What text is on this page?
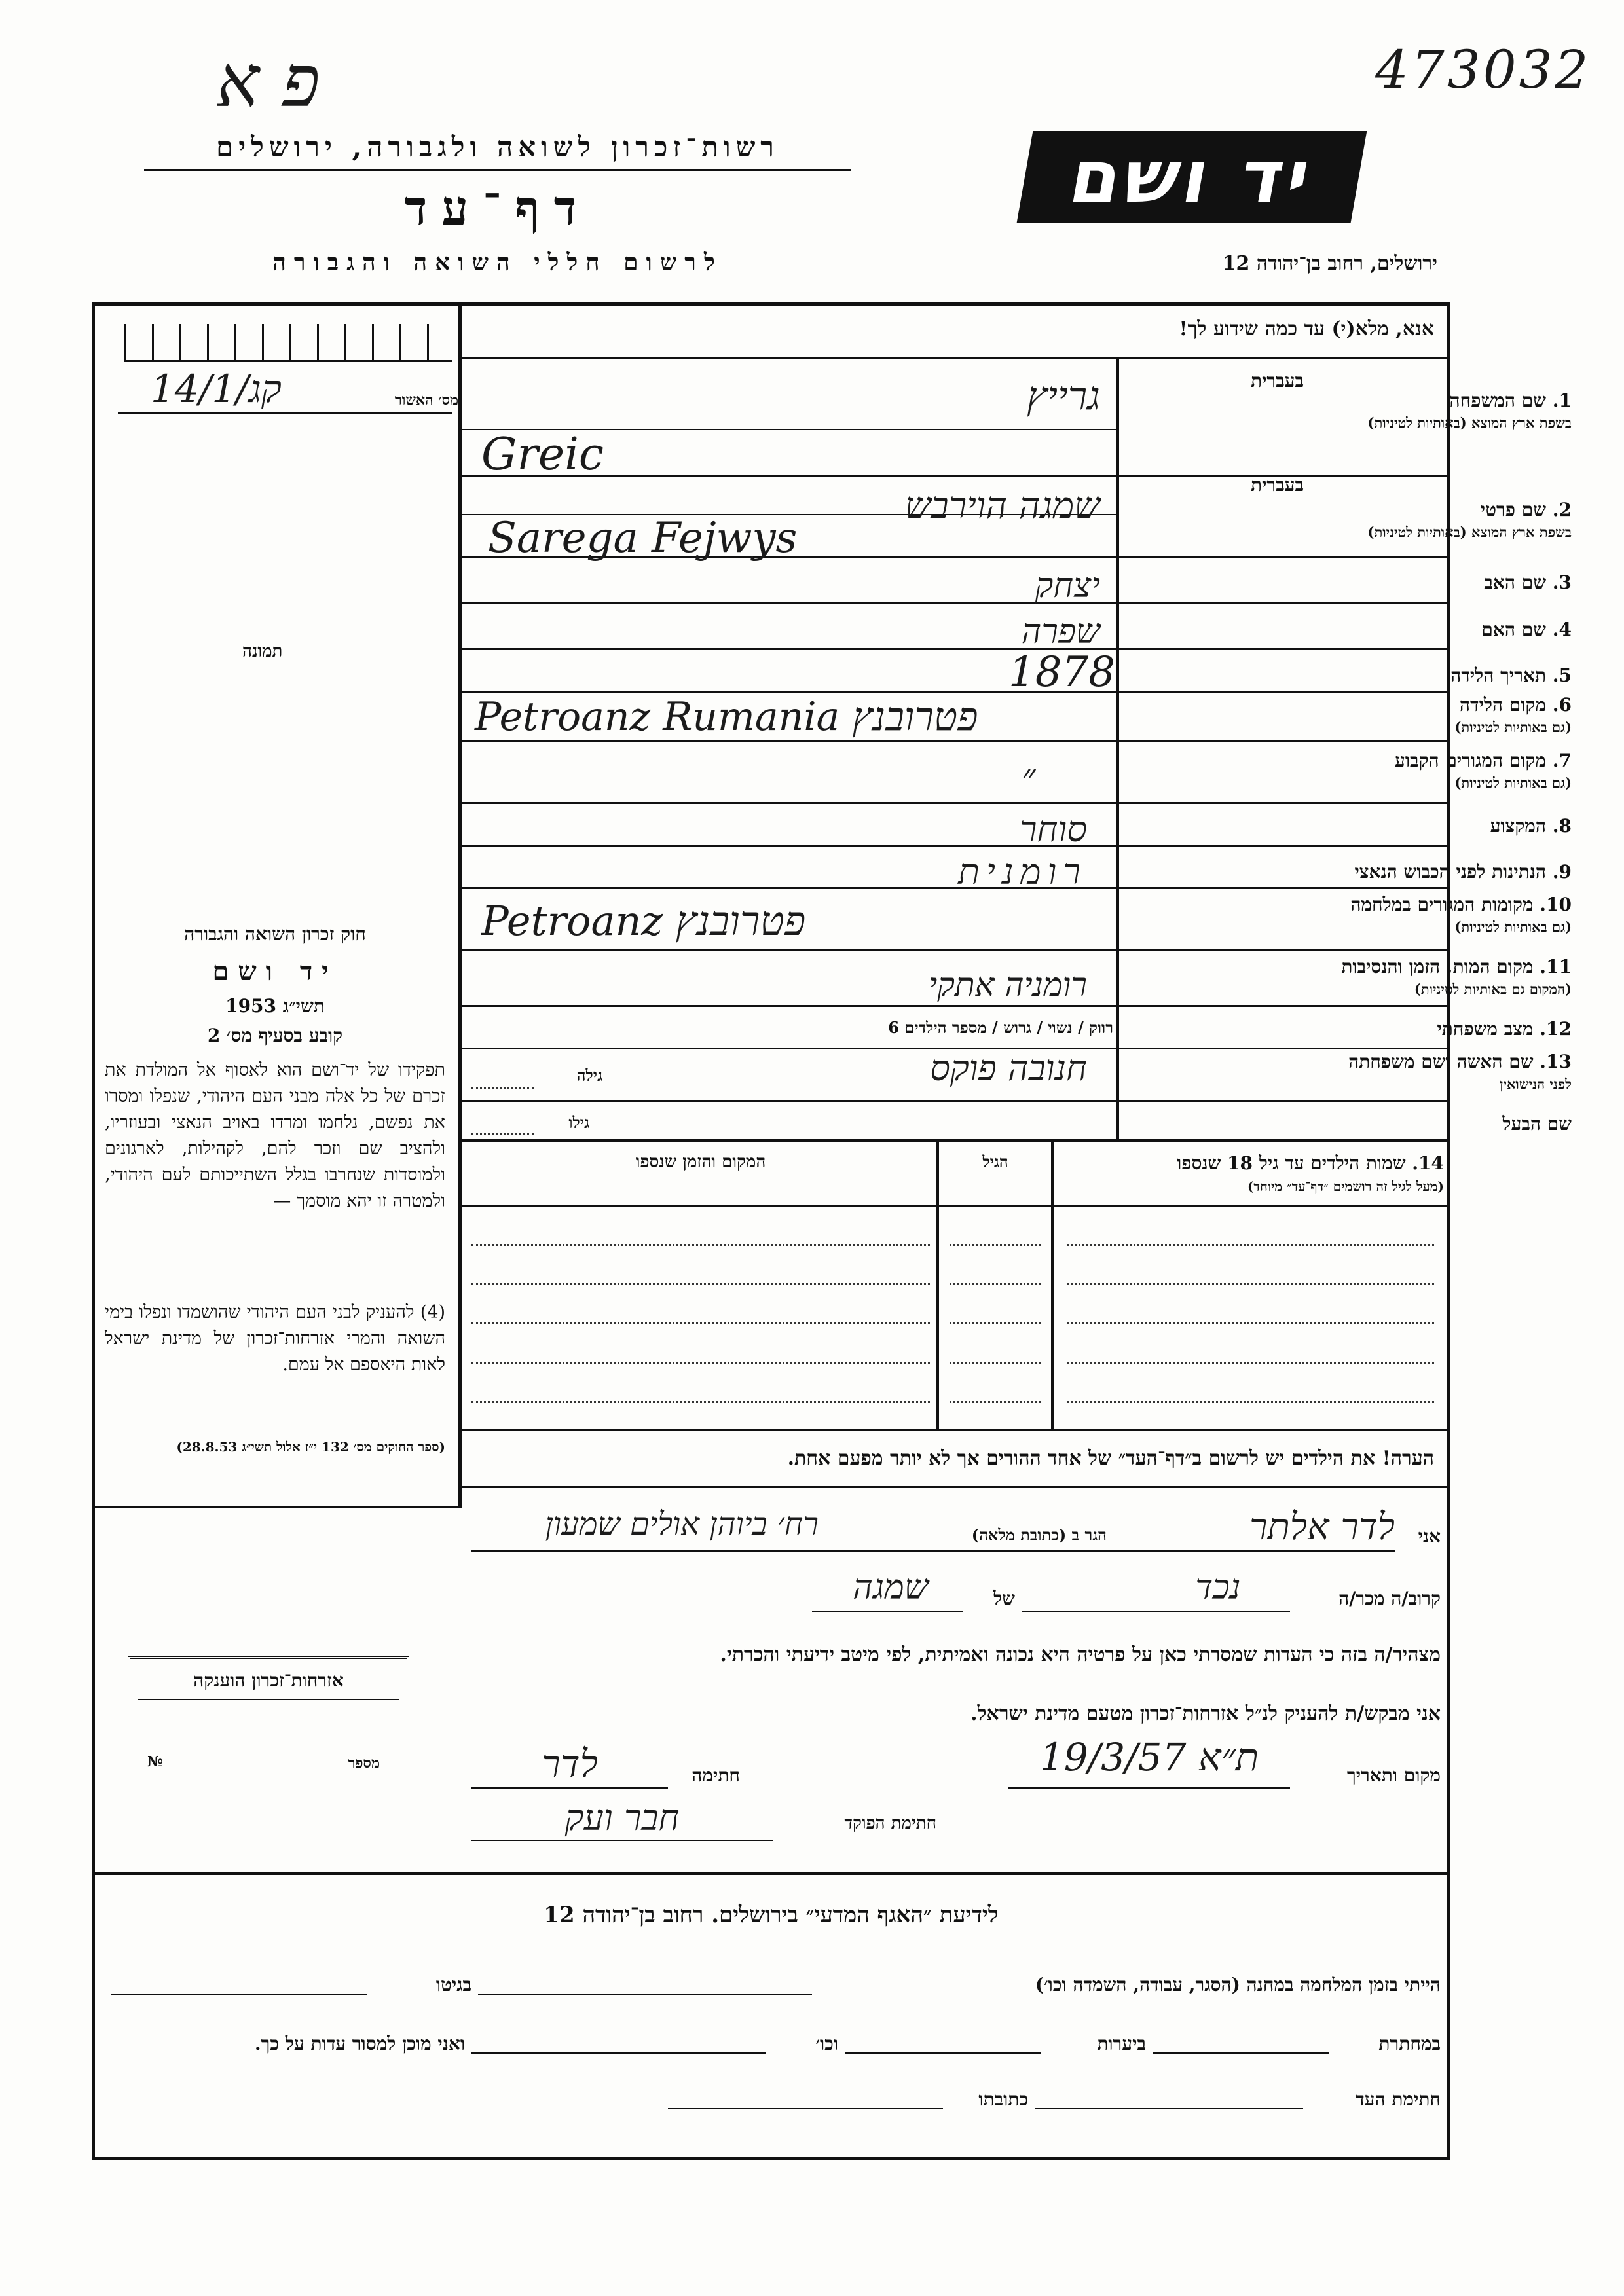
פ א	473032
רשות־זכרון לשואה ולגבורה, ירושלים
דף־עד
לרשום חללי השואה והגבורה
יד ושם
ירושלים, רחוב בן־יהודה 12
אנא, מלא(י) עד כמה שידוע לך!
מס׳ האשור
קג/14/1
תמונה
1. שם המשפחה
בשפת ארץ המוצא (באותיות לטיניות)
בעברית
2. שם פרטי
בשפת ארץ המוצא (באותיות לטיניות)
בעברית
3. שם האב
4. שם האם
5. תאריך הלידה
6. מקום הלידה
(גם באותיות לטיניות)
7. מקום המגורים הקבוע
(גם באותיות לטיניות)
8. המקצוע
9. הנתינות לפני הכבוש הנאצי
10. מקומות המגורים במלחמה
(גם באותיות לטיניות)
11. מקום המות, הזמן והנסיבות
(המקום גם באותיות לטיניות)
12. מצב משפחתי
13. שם האשה ושם משפחתה
לפני הנישואין
שם הבעל
גרייץ
Greic
שמגה הוירבש
Sarega Fejwys
יצחק
שפרה
1878
Petroanz Rumania פטרובנץ
״
סוחר
רומנית
Petroanz פטרובנץ
רומניה אתקי
רווק / נשוי / גרוש / מספר הילדים 6
חנובה פוקס
גילה
גילו
14. שמות הילדים עד גיל 18 שנספו
(מעל לגיל זה רושמים ״דף־עד״ מיוחד)
הגיל
המקום והזמן שנספו
הערה! את הילדים יש לרשום ב״דף־העד״ של אחד ההורים אך לא יותר מפעם אחת.
חוק זכרון השואה והגבורה
יד ושם
תשי״ג 1953
קובע בסעיף מס׳ 2
תפקידו של יד־ושם הוא לאסוף אל המולדת את זכרם של כל אלה מבני העם היהודי, שנפלו ומסרו את נפשם, נלחמו ומרדו באויב הנאצי ובעוזריו, ולהציב שם וזכר להם, לקהילות, לארגונים ולמוסדות שנחרבו בגלל השתייכותם לעם היהודי, ולמטרה זו יהא מוסמך —
(4) להעניק לבני העם היהודי שהושמדו ונפלו בימי השואה והמרי אזרחות־זכרון של מדינת ישראל לאות היאספם אל עמם.
(ספר החוקים מס׳ 132 י״ז אלול תשי״ג 28.8.53)
אזרחות־זכרון הוענקה
מספר
№
אני
לדר אלתר
הגר ב (כתובת מלאה)
רח׳ ביוהן אולים שמעון
קרוב/ה מכר/ה
נכד
של
שמגה
מצהיר/ה בזה כי העדות שמסרתי כאן על פרטיה היא נכונה ואמיתית, לפי מיטב ידיעתי והכרתי.
אני מבקש/ת להעניק לנ״ל אזרחות־זכרון מטעם מדינת ישראל.
מקום ותאריך
ת״א 19/3/57
חתימה
לדר
חתימת הפוקד
חבר ועק
לידיעת ״האגף המדעי״ בירושלים. רחוב בן־יהודה 12
הייתי בזמן המלחמה במחנה (הסגר, עבודה, השמדה וכו׳)
בגיטו
במחתרת
ביערות
וכו׳
ואני מוכן למסור עדות על כך.
חתימת העד
כתובתו
